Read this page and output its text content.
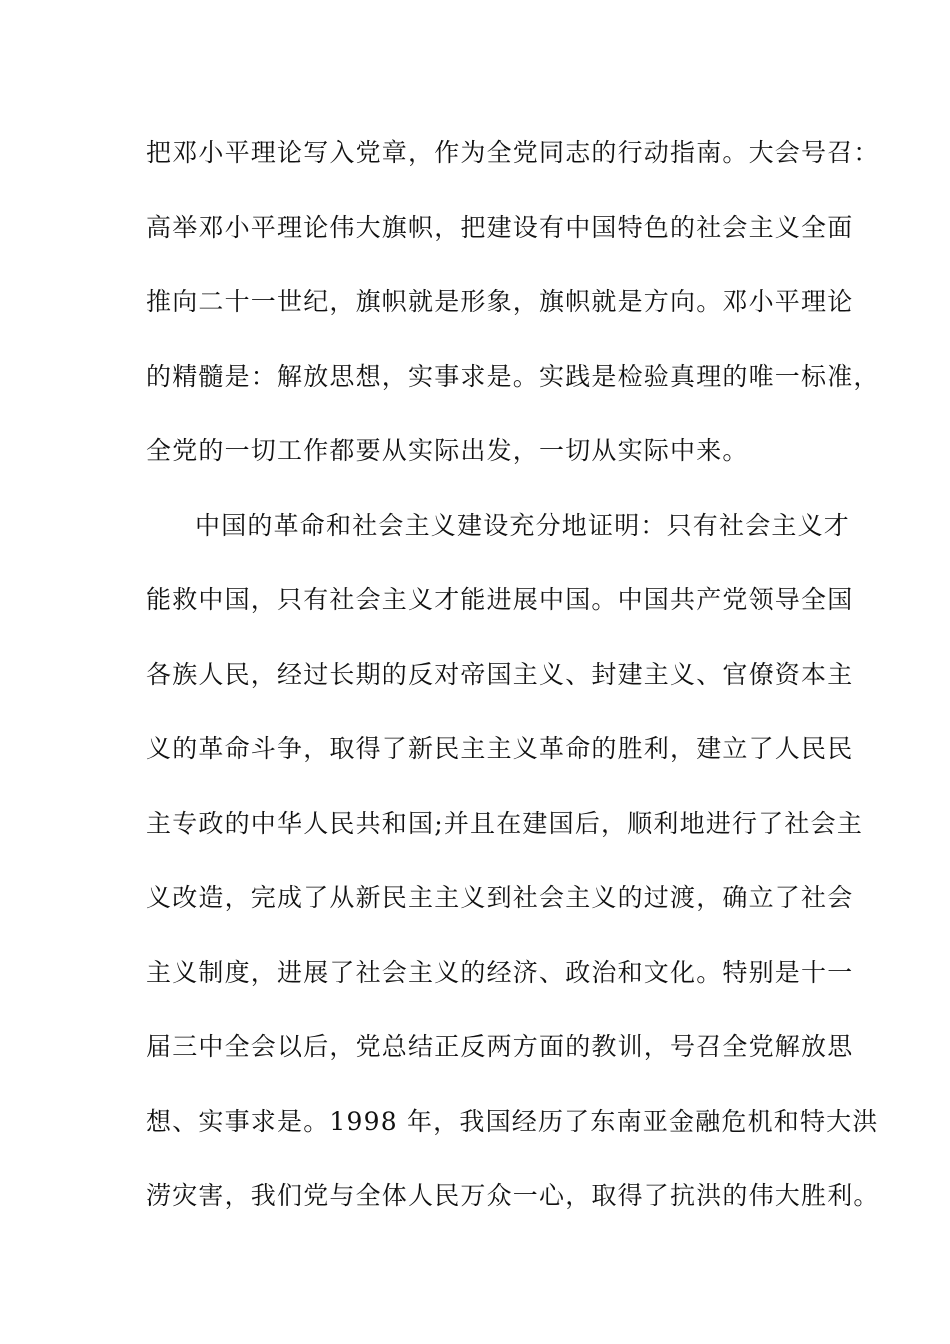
把邓小平理论写入党章，作为全党同志的行动指南。大会号召：
高举邓小平理论伟大旗帜，把建设有中国特色的社会主义全面
推向二十一世纪，旗帜就是形象，旗帜就是方向。邓小平理论
的精髓是：解放思想，实事求是。实践是检验真理的唯一标准，
全党的一切工作都要从实际出发，一切从实际中来。
中国的革命和社会主义建设充分地证明：只有社会主义才
能救中国，只有社会主义才能进展中国。中国共产党领导全国
各族人民，经过长期的反对帝国主义、封建主义、官僚资本主
义的革命斗争，取得了新民主主义革命的胜利，建立了人民民
主专政的中华人民共和国;并且在建国后，顺利地进行了社会主
义改造，完成了从新民主主义到社会主义的过渡，确立了社会
主义制度，进展了社会主义的经济、政治和文化。特别是十一
届三中全会以后，党总结正反两方面的教训，号召全党解放思
想、实事求是。1998 年，我国经历了东南亚金融危机和特大洪
涝灾害，我们党与全体人民万众一心，取得了抗洪的伟大胜利。
